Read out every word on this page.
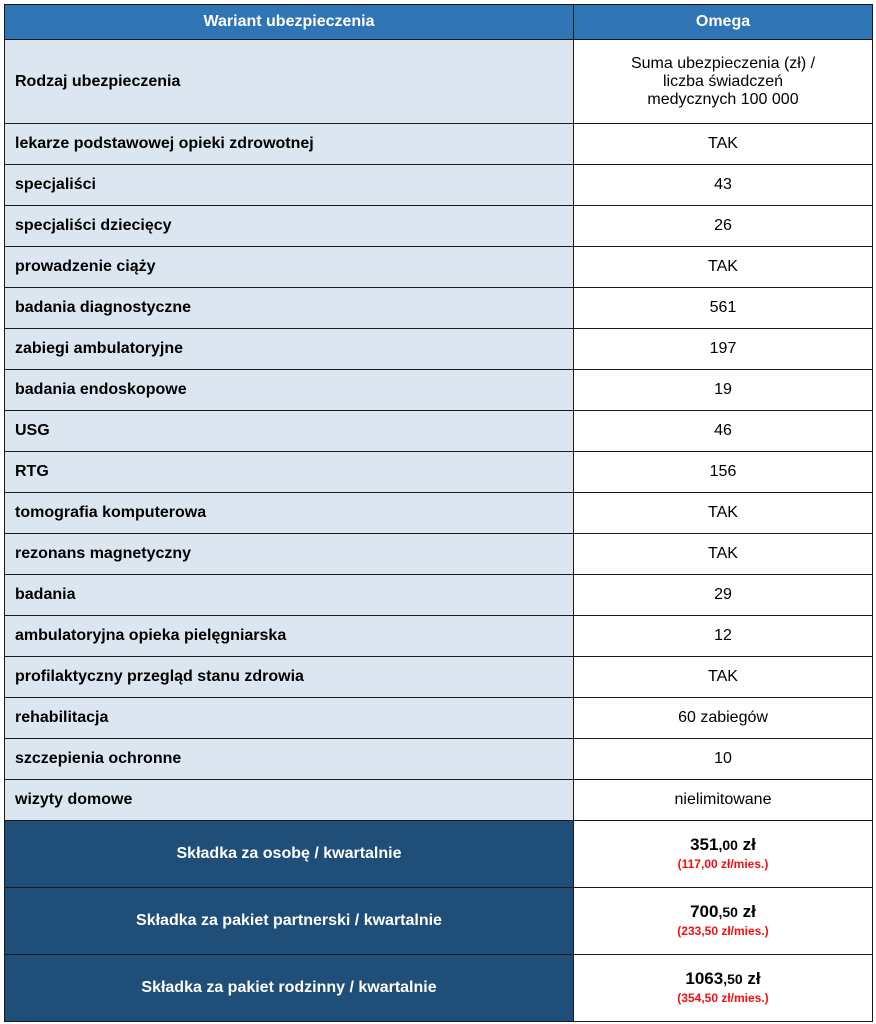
Wariant ubezpieczenia	Omega
Rodzaj ubezpieczenia	Suma ubezpieczenia (zł) /
liczba świadczeń
medycznych 100 000

lekarze podstawowej opieki zdrowotnej	TAK
specjaliści	43
specjaliści dziecięcy	26
prowadzenie ciąży	TAK
badania diagnostyczne	561
zabiegi ambulatoryjne	197
badania endoskopowe	19
USG	46
RTG	156
tomografia komputerowa	TAK
rezonans magnetyczny	TAK
badania	29
ambulatoryjna opieka pielęgniarska	12
profilaktyczny przegląd stanu zdrowia	TAK
rehabilitacja	60 zabiegów
szczepienia ochronne	10
wizyty domowe	nielimitowane
Składka za osobę / kwartalnie	351,00 zł
(117,00 zł/mies.)

Składka za pakiet partnerski / kwartalnie	700,50 zł
(233,50 zł/mies.)

Składka za pakiet rodzinny / kwartalnie	1063,50 zł
(354,50 zł/mies.)
